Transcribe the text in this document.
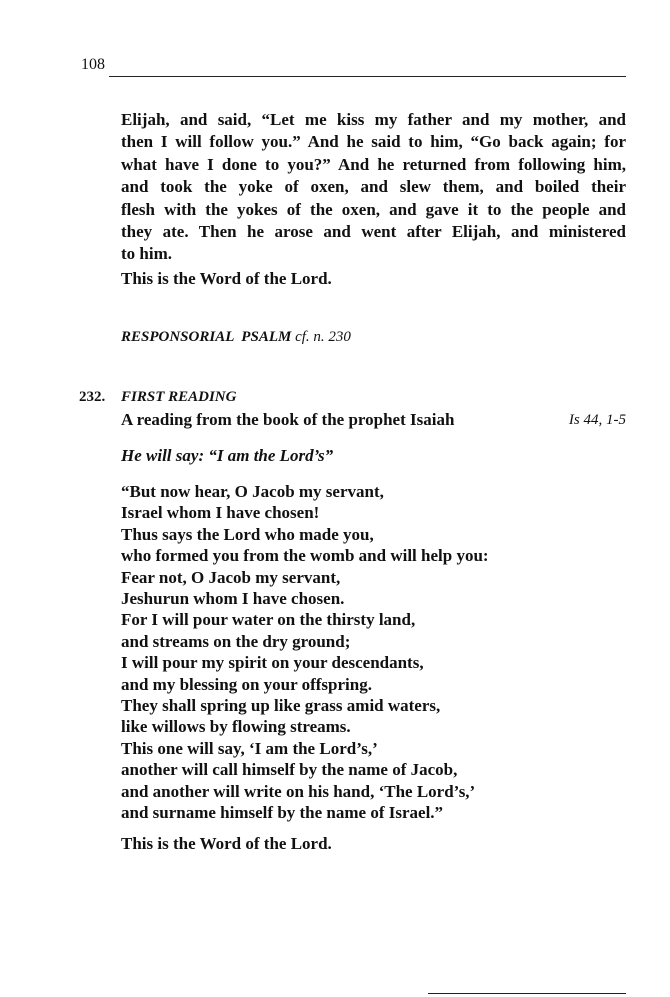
108
Elijah, and said, “Let me kiss my father and my mother, and
then I will follow you.” And he said to him, “Go back again; for
what have I done to you?” And he returned from following him,
and took the yoke of oxen, and slew them, and boiled their
flesh with the yokes of the oxen, and gave it to the people and
they ate. Then he arose and went after Elijah, and ministered
to him.
This is the Word of the Lord.
RESPONSORIAL  PSALM cf. n. 230
232. FIRST READING
A reading from the book of the prophet Isaiah	Is 44, 1-5
He will say: “I am the Lord’s”
“But now hear, O Jacob my servant,
Israel whom I have chosen!
Thus says the Lord who made you,
who formed you from the womb and will help you:
Fear not, O Jacob my servant,
Jeshurun whom I have chosen.
For I will pour water on the thirsty land,
and streams on the dry ground;
I will pour my spirit on your descendants,
and my blessing on your offspring.
They shall spring up like grass amid waters,
like willows by flowing streams.
This one will say, ‘I am the Lord’s,’
another will call himself by the name of Jacob,
and another will write on his hand, ‘The Lord’s,’
and surname himself by the name of Israel.”
This is the Word of the Lord.
